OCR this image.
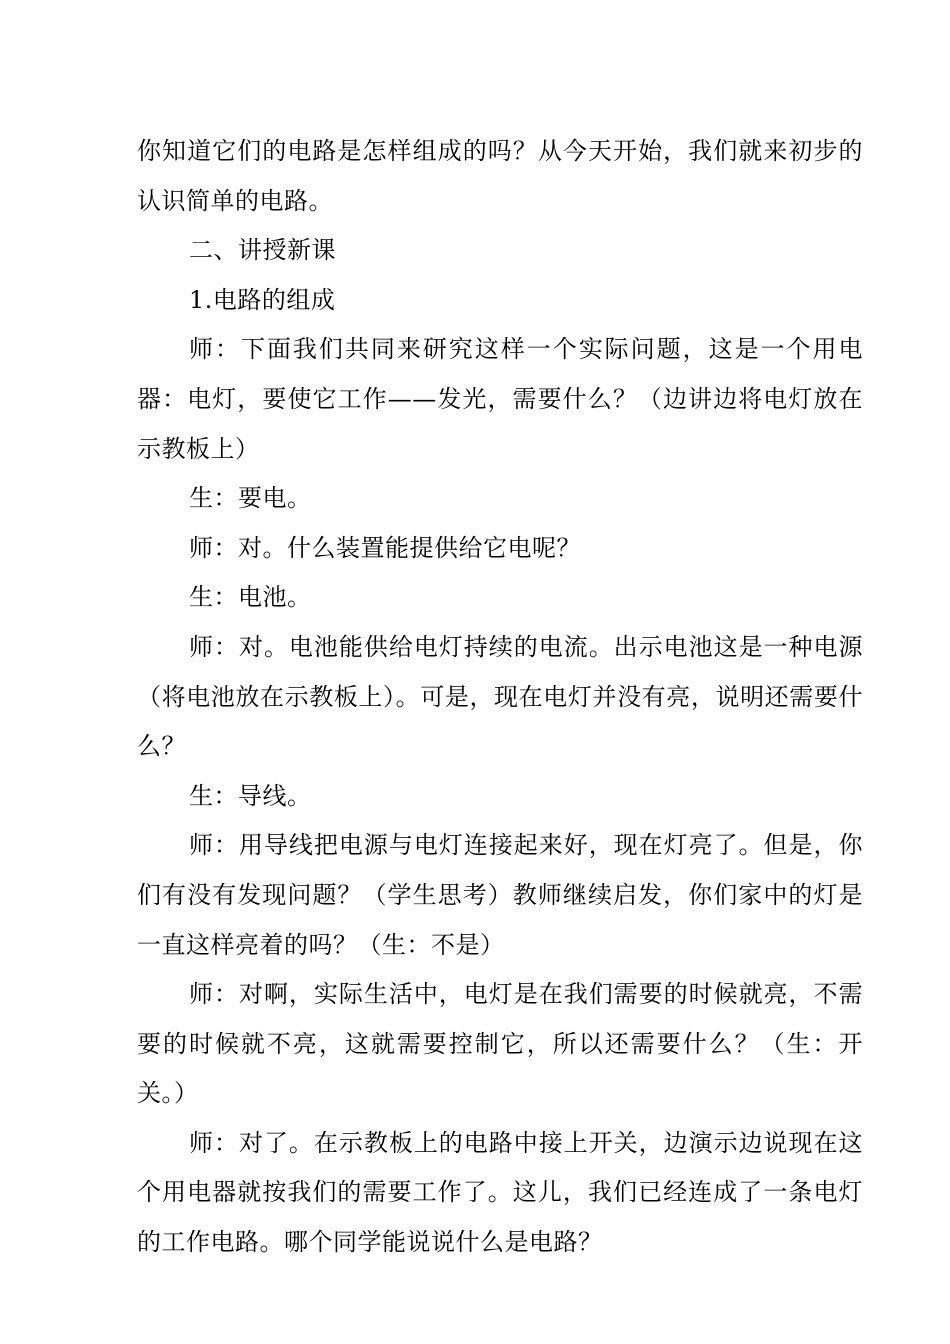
你知道它们的电路是怎样组成的吗？从今天开始，我们就来初步的认识简单的电路。

二、讲授新课

1.电路的组成

师：下面我们共同来研究这样一个实际问题，这是一个用电器：电灯，要使它工作——发光，需要什么？（边讲边将电灯放在示教板上）

生：要电。

师：对。什么装置能提供给它电呢？

生：电池。

师：对。电池能供给电灯持续的电流。出示电池这是一种电源（将电池放在示教板上）。可是，现在电灯并没有亮，说明还需要什么？

生：导线。

师：用导线把电源与电灯连接起来好，现在灯亮了。但是，你们有没有发现问题？（学生思考）教师继续启发，你们家中的灯是一直这样亮着的吗？（生：不是）

师：对啊，实际生活中，电灯是在我们需要的时候就亮，不需要的时候就不亮，这就需要控制它，所以还需要什么？（生：开关。）

师：对了。在示教板上的电路中接上开关，边演示边说现在这个用电器就按我们的需要工作了。这儿，我们已经连成了一条电灯的工作电路。哪个同学能说说什么是电路？
